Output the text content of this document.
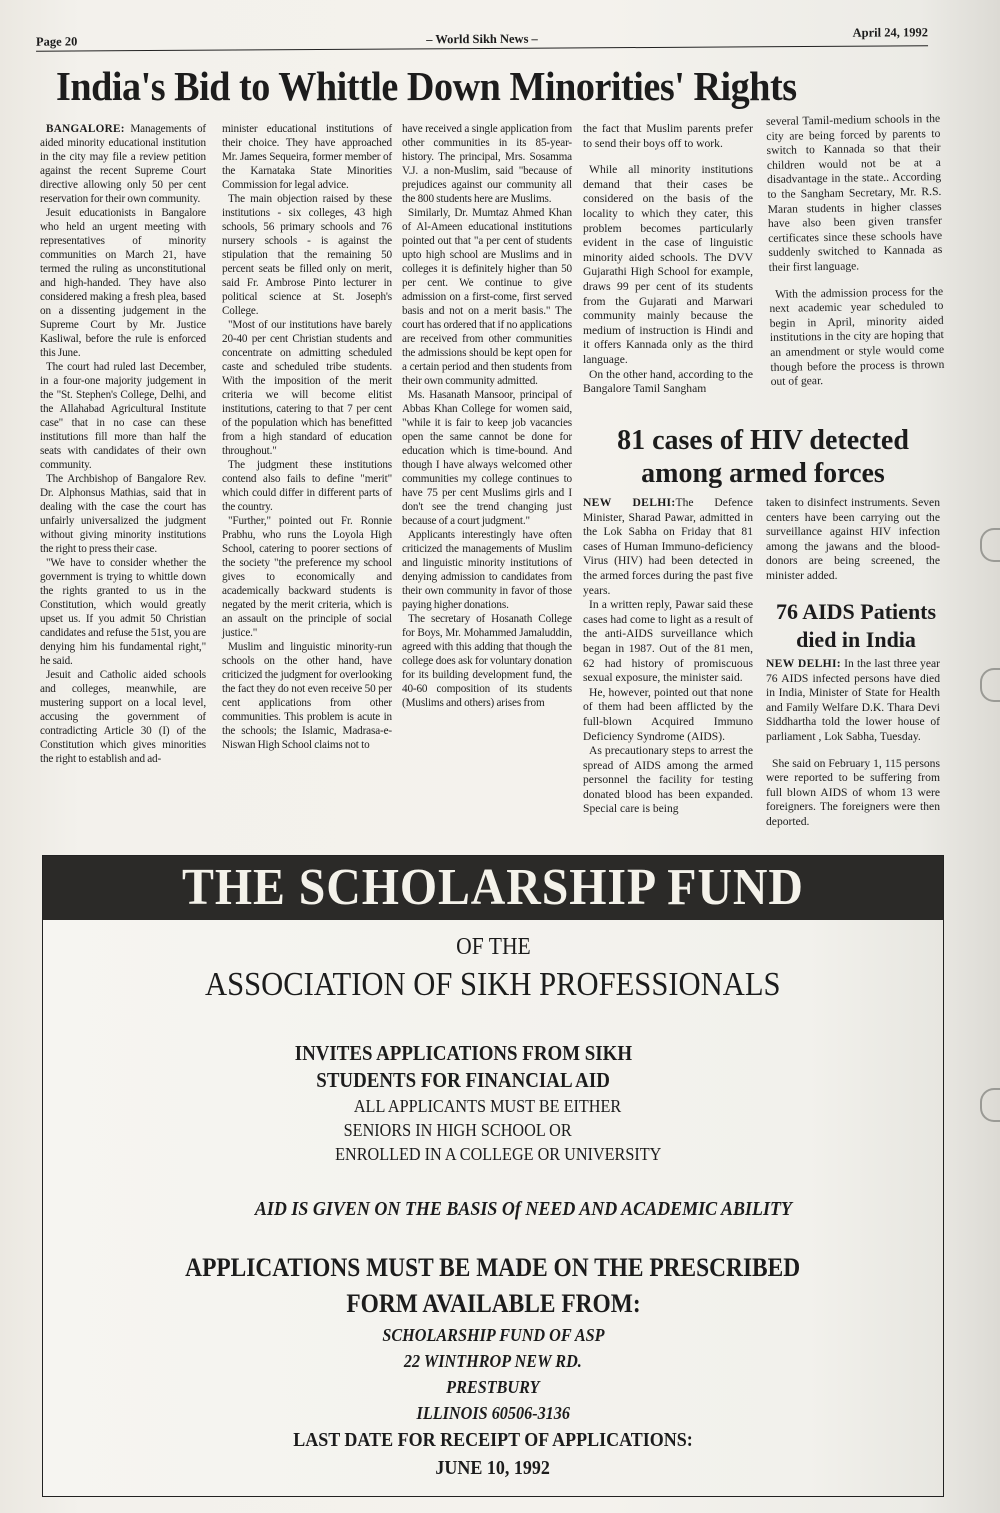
Page 20	– World Sikh News –	April 24, 1992
India's Bid to Whittle Down Minorities' Rights

BANGALORE: Managements of aided minority educational institution in the city may file a review petition against the recent Supreme Court directive allowing only 50 per cent reservation for their own community.

Jesuit educationists in Bangalore who held an urgent meeting with representatives of minority communities on March 21, have termed the ruling as unconstitutional and high-handed. They have also considered making a fresh plea, based on a dissenting judgement in the Supreme Court by Mr. Justice Kasliwal, before the rule is enforced this June.

The court had ruled last December, in a four-one majority judgement in the "St. Stephen's College, Delhi, and the Allahabad Agricultural Institute case" that in no case can these institutions fill more than half the seats with candidates of their own community.

The Archbishop of Bangalore Rev. Dr. Alphonsus Mathias, said that in dealing with the case the court has unfairly universalized the judgment without giving minority institutions the right to press their case.

"We have to consider whether the government is trying to whittle down the rights granted to us in the Constitution, which would greatly upset us. If you admit 50 Christian candidates and refuse the 51st, you are denying him his fundamental right," he said.

Jesuit and Catholic aided schools and colleges, meanwhile, are mustering support on a local level, accusing the government of contradicting Article 30 (I) of the Constitution which gives minorities the right to establish and ad-

minister educational institutions of their choice. They have approached Mr. James Sequeira, former member of the Karnataka State Minorities Commission for legal advice.

The main objection raised by these institutions - six colleges, 43 high schools, 56 primary schools and 76 nursery schools - is against the stipulation that the remaining 50 percent seats be filled only on merit, said Fr. Ambrose Pinto lecturer in political science at St. Joseph's College.

"Most of our institutions have barely 20-40 per cent Christian students and concentrate on admitting scheduled caste and scheduled tribe students. With the imposition of the merit criteria we will become elitist institutions, catering to that 7 per cent of the population which has benefitted from a high standard of education throughout."

The judgment these institutions contend also fails to define "merit" which could differ in different parts of the country.

"Further," pointed out Fr. Ronnie Prabhu, who runs the Loyola High School, catering to poorer sections of the society "the preference my school gives to economically and academically backward students is negated by the merit criteria, which is an assault on the principle of social justice."

Muslim and linguistic minority-run schools on the other hand, have criticized the judgment for overlooking the fact they do not even receive 50 per cent applications from other communities. This problem is acute in the schools; the Islamic, Madrasa-e-Niswan High School claims not to

have received a single application from other communities in its 85-year-history. The principal, Mrs. Sosamma V.J. a non-Muslim, said "because of prejudices against our community all the 800 students here are Muslims.

Similarly, Dr. Mumtaz Ahmed Khan of Al-Ameen educational institutions pointed out that "a per cent of students upto high school are Muslims and in colleges it is definitely higher than 50 per cent. We continue to give admission on a first-come, first served basis and not on a merit basis." The court has ordered that if no applications are received from other communities the admissions should be kept open for a certain period and then students from their own community admitted.

Ms. Hasanath Mansoor, principal of Abbas Khan College for women said, "while it is fair to keep job vacancies open the same cannot be done for education which is time-bound. And though I have always welcomed other communities my college continues to have 75 per cent Muslims girls and I don't see the trend changing just because of a court judgment."

Applicants interestingly have often criticized the managements of Muslim and linguistic minority institutions of denying admission to candidates from their own community in favor of those paying higher donations.

The secretary of Hosanath College for Boys, Mr. Mohammed Jamaluddin, agreed with this adding that though the college does ask for voluntary donation for its building development fund, the 40-60 composition of its students (Muslims and others) arises from

the fact that Muslim parents prefer to send their boys off to work.

While all minority institutions demand that their cases be considered on the basis of the locality to which they cater, this problem becomes particularly evident in the case of linguistic minority aided schools. The DVV Gujarathi High School for example, draws 99 per cent of its students from the Gujarati and Marwari community mainly because the medium of instruction is Hindi and it offers Kannada only as the third language.

On the other hand, according to the Bangalore Tamil Sangham

several Tamil-medium schools in the city are being forced by parents to switch to Kannada so that their children would not be at a disadvantage in the state.. According to the Sangham Secretary, Mr. R.S. Maran students in higher classes have also been given transfer certificates since these schools have suddenly switched to Kannada as their first language.

With the admission process for the next academic year scheduled to begin in April, minority aided institutions in the city are hoping that an amendment or style would come though before the process is thrown out of gear.

81 cases of HIV detected
among armed forces

NEW DELHI:The Defence Minister, Sharad Pawar, admitted in the Lok Sabha on Friday that 81 cases of Human Immuno-deficiency Virus (HIV) had been detected in the armed forces during the past five years.

In a written reply, Pawar said these cases had come to light as a result of the anti-AIDS surveillance which began in 1987. Out of the 81 men, 62 had history of promiscuous sexual exposure, the minister said.

He, however, pointed out that none of them had been afflicted by the full-blown Acquired Immuno Deficiency Syndrome (AIDS).

As precautionary steps to arrest the spread of AIDS among the armed personnel the facility for testing donated blood has been expanded. Special care is being

taken to disinfect instruments. Seven centers have been carrying out the surveillance against HIV infection among the jawans and the blood-donors are being screened, the minister added.

76 AIDS Patients
died in India

NEW DELHI: In the last three year 76 AIDS infected persons have died in India, Minister of State for Health and Family Welfare D.K. Thara Devi Siddhartha told the lower house of parliament , Lok Sabha, Tuesday.

She said on February 1, 115 persons were reported to be suffering from full blown AIDS of whom 13 were foreigners. The foreigners were then deported.

THE SCHOLARSHIP FUND
OF THE
ASSOCIATION OF SIKH PROFESSIONALS
INVITES APPLICATIONS FROM SIKH
STUDENTS FOR FINANCIAL AID
ALL APPLICANTS MUST BE EITHER
SENIORS IN HIGH SCHOOL OR
ENROLLED IN A COLLEGE OR UNIVERSITY
AID IS GIVEN ON THE BASIS Of NEED AND ACADEMIC ABILITY
APPLICATIONS MUST BE MADE ON THE PRESCRIBED
FORM AVAILABLE FROM:
SCHOLARSHIP FUND OF ASP
22 WINTHROP NEW RD.
PRESTBURY
ILLINOIS 60506-3136
LAST DATE FOR RECEIPT OF APPLICATIONS:
JUNE 10, 1992
